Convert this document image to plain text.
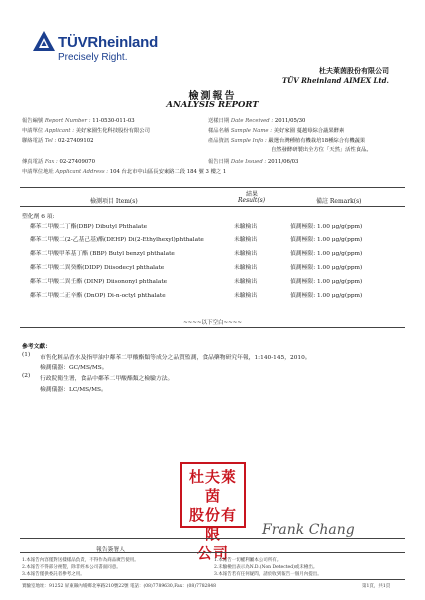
TÜVRheinland
Precisely Right.
杜夫萊茵股份有限公司
TÜV Rheinland AIMEX Ltd.
檢測報告
ANALYSIS REPORT
報告編號 Report Number : 11-0530-011-03	送樣日期 Date Received : 2011/05/30
申請單位 Applicant : 美好家園生化科技股份有限公司	樣品名稱 Sample Name : 美好家園 蔓越莓綜合蔬果酵素
聯絡電話 Tel : 02-27409102	產品資訊 Sample Info : 嚴選台灣種植有機栽培18種綜合有機蔬果
自然發酵研製出全方位「天然」活性食品。
傳真電話 Fax : 02-27409070	報告日期 Date Issued : 2011/06/03
申請單位地址 Applicant Address : 104 台北市中山區長安東路二段 184 號 3 樓之 1
檢測項目 Item(s)
結果
Result(s)	備註 Remark(s)
塑化劑 6 項:
鄰苯二甲酸二丁酯(DBP) Dibutyl Phthalate	未驗檢出	偵測極限: 1.00 μg/g(ppm)
鄰苯二甲酸二(2-乙基己基)酯(DEHP) Di(2-Ethylhexyl)phthalate	未驗檢出	偵測極限: 1.00 μg/g(ppm)
鄰苯二甲酸甲苯基丁酯 (BBP) Butyl benzyl phthalate	未驗檢出	偵測極限: 1.00 μg/g(ppm)
鄰苯二甲酸二異癸酯(DIDP) Diisodecyl phthalate	未驗檢出	偵測極限: 1.00 μg/g(ppm)
鄰苯二甲酸二異壬酯 (DINP) Diisononyl phthalate	未驗檢出	偵測極限: 1.00 μg/g(ppm)
鄰苯二甲酸二正辛酯 (DnOP) Di-n-octyl phthalate	未驗檢出	偵測極限: 1.00 μg/g(ppm)
~~~~以下空白~~~~
參考文獻：
(1) 市售化粧品香水及指甲油中鄰苯二甲酸酯類等成分之品質監測，食品藥物研究年報，1:140-145，2010。
檢測儀器：GC/MS/MS。
(2) 行政院衛生署，食品中鄰苯二甲酸酯類之檢驗方法。
檢測儀器：LC/MS/MS。
杜夫萊茵
股份有限
公司
Frank Chang
報告簽署人
1.本報告內容僅對送樣樣品負責，不得作為商品廣告使用。
2.本報告不得部分複製，除非經本公司書面同意。
3.本報告僅供委託者參考之用。
1.本報告一切權利屬本公司所有。
2.未驗檢出表示為N.D.(Non Detected)或未檢出。
3.本報告若有任何疑問，請於收到報告一個月內提出。
實驗室地址：91252 屏東縣內埔鄉北寧路210號22號 電話：(08)7789630,Fax：(08)7782848	第1頁，共1頁
